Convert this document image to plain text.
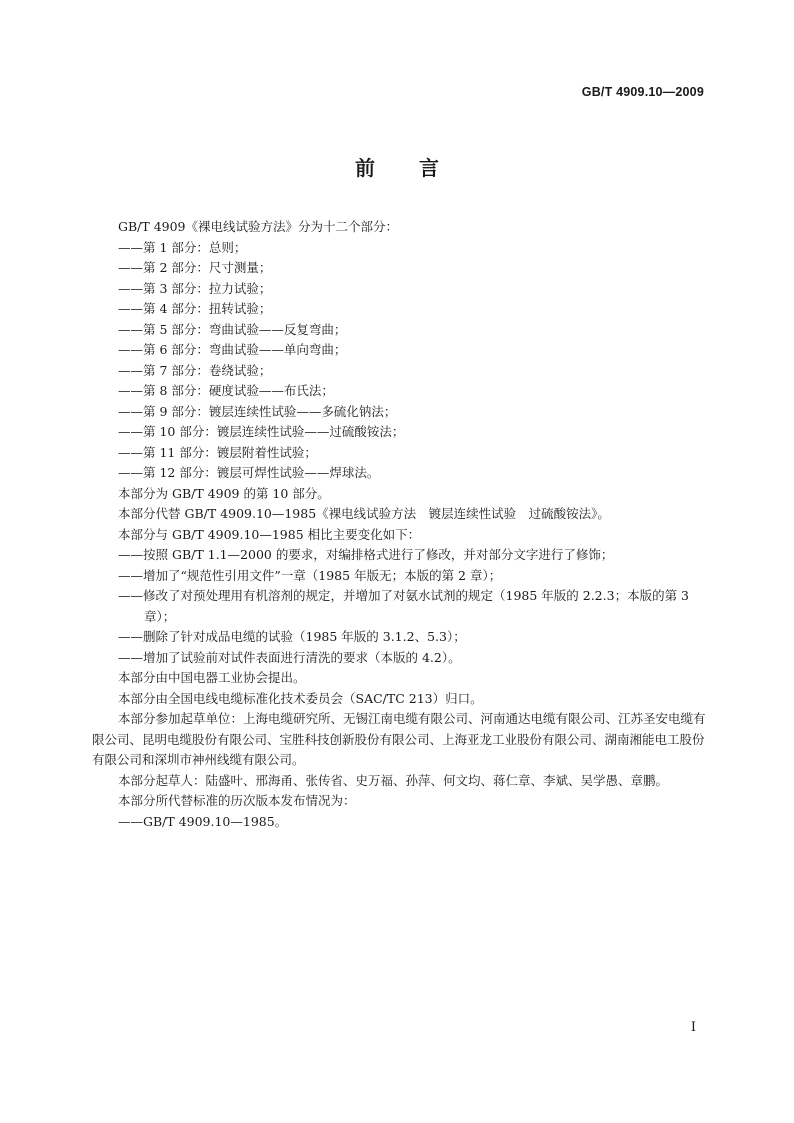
GB/T 4909.10—2009

前言

GB/T 4909《裸电线试验方法》分为十二个部分：

——第 1 部分：总则；

——第 2 部分：尺寸测量；

——第 3 部分：拉力试验；

——第 4 部分：扭转试验；

——第 5 部分：弯曲试验——反复弯曲；

——第 6 部分：弯曲试验——单向弯曲；

——第 7 部分：卷绕试验；

——第 8 部分：硬度试验——布氏法；

——第 9 部分：镀层连续性试验——多硫化钠法；

——第 10 部分：镀层连续性试验——过硫酸铵法；

——第 11 部分：镀层附着性试验；

——第 12 部分：镀层可焊性试验——焊球法。

本部分为 GB/T 4909 的第 10 部分。

本部分代替 GB/T 4909.10—1985《裸电线试验方法　镀层连续性试验　过硫酸铵法》。

本部分与 GB/T 4909.10—1985 相比主要变化如下：

——按照 GB/T 1.1—2000 的要求，对编排格式进行了修改，并对部分文字进行了修饰；

——增加了“规范性引用文件”一章（1985 年版无；本版的第 2 章）；

——修改了对预处理用有机溶剂的规定，并增加了对氨水试剂的规定（1985 年版的 2.2.3；本版的第 3 章）；

——删除了针对成品电缆的试验（1985 年版的 3.1.2、5.3）；

——增加了试验前对试件表面进行清洗的要求（本版的 4.2）。

本部分由中国电器工业协会提出。

本部分由全国电线电缆标准化技术委员会（SAC/TC 213）归口。

本部分参加起草单位：上海电缆研究所、无锡江南电缆有限公司、河南通达电缆有限公司、江苏圣安电缆有限公司、昆明电缆股份有限公司、宝胜科技创新股份有限公司、上海亚龙工业股份有限公司、湖南湘能电工股份有限公司和深圳市神州线缆有限公司。

本部分起草人：陆盛叶、邢海甬、张传省、史万福、孙萍、何文均、蒋仁章、李斌、吴学愚、章鹏。

本部分所代替标准的历次版本发布情况为：

——GB/T 4909.10—1985。

I
